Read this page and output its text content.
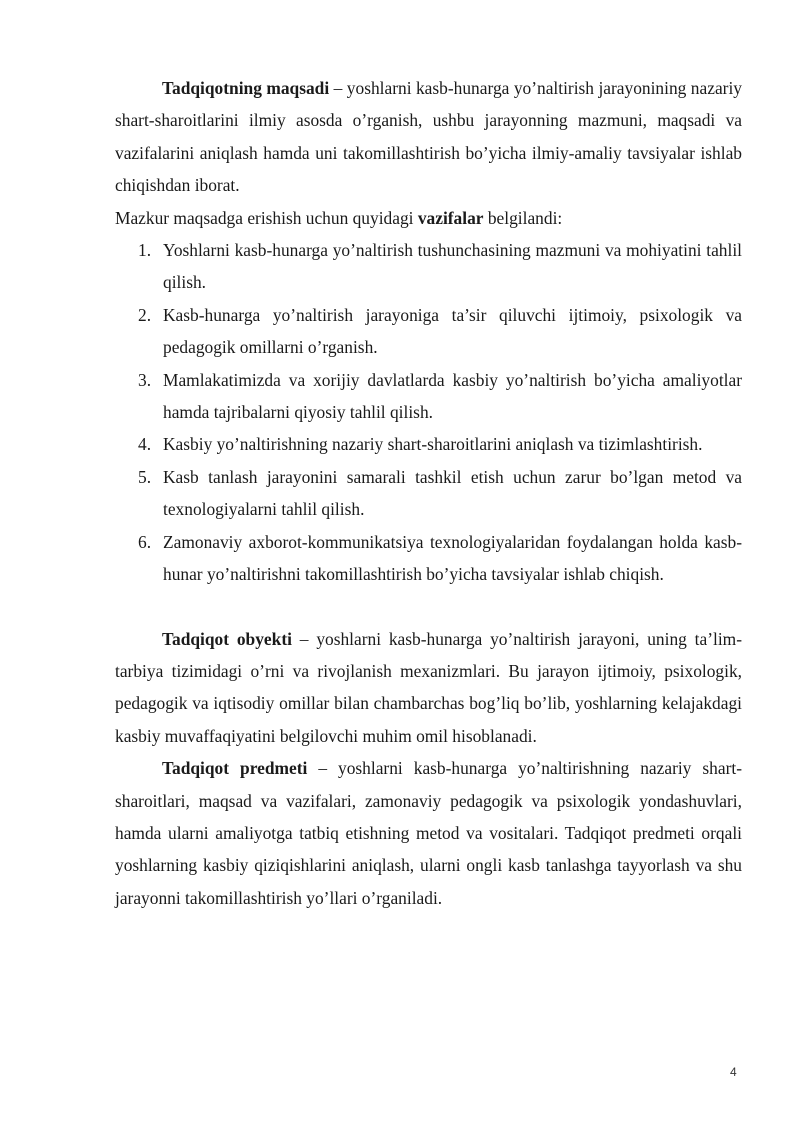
Tadqiqotning maqsadi – yoshlarni kasb-hunarga yo’naltirish jarayonining nazariy shart-sharoitlarini ilmiy asosda o’rganish, ushbu jarayonning mazmuni, maqsadi va vazifalarini aniqlash hamda uni takomillashtirish bo’yicha ilmiy-amaliy tavsiyalar ishlab chiqishdan iborat.

Mazkur maqsadga erishish uchun quyidagi vazifalar belgilandi:

1. Yoshlarni kasb-hunarga yo’naltirish tushunchasining mazmuni va mohiyatini tahlil qilish.
2. Kasb-hunarga yo’naltirish jarayoniga ta’sir qiluvchi ijtimoiy, psixologik va pedagogik omillarni o’rganish.
3. Mamlakatimizda va xorijiy davlatlarda kasbiy yo’naltirish bo’yicha amaliyotlar hamda tajribalarni qiyosiy tahlil qilish.
4. Kasbiy yo’naltirishning nazariy shart-sharoitlarini aniqlash va tizimlashtirish.
5. Kasb tanlash jarayonini samarali tashkil etish uchun zarur bo’lgan metod va texnologiyalarni tahlil qilish.
6. Zamonaviy axborot-kommunikatsiya texnologiyalaridan foydalangan holda kasb-hunar yo’naltirishni takomillashtirish bo’yicha tavsiyalar ishlab chiqish.

Tadqiqot obyekti – yoshlarni kasb-hunarga yo’naltirish jarayoni, uning ta’lim-tarbiya tizimidagi o’rni va rivojlanish mexanizmlari. Bu jarayon ijtimoiy, psixologik, pedagogik va iqtisodiy omillar bilan chambarchas bog’liq bo’lib, yoshlarning kelajakdagi kasbiy muvaffaqiyatini belgilovchi muhim omil hisoblanadi.

Tadqiqot predmeti – yoshlarni kasb-hunarga yo’naltirishning nazariy shart-sharoitlari, maqsad va vazifalari, zamonaviy pedagogik va psixologik yondashuvlari, hamda ularni amaliyotga tatbiq etishning metod va vositalari. Tadqiqot predmeti orqali yoshlarning kasbiy qiziqishlarini aniqlash, ularni ongli kasb tanlashga tayyorlash va shu jarayonni takomillashtirish yo’llari o’rganiladi.

4
